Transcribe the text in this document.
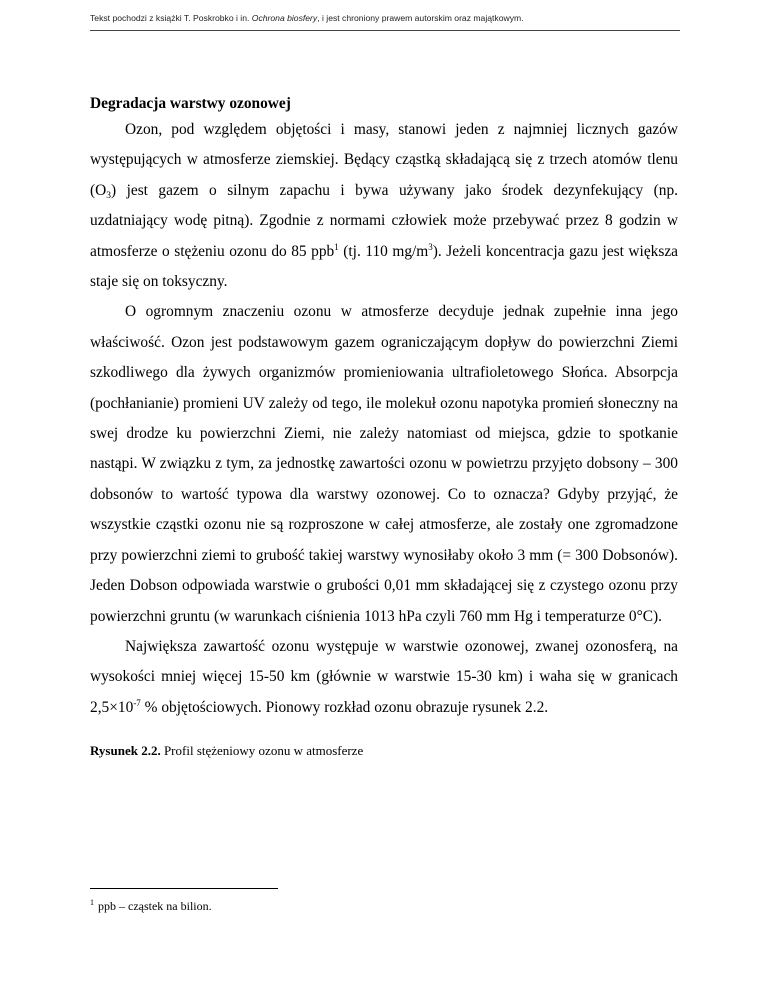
Tekst pochodzi z książki T. Poskrobko i in. Ochrona biosfery, i jest chroniony prawem autorskim oraz majątkowym.
Degradacja warstwy ozonowej

Ozon, pod względem objętości i masy, stanowi jeden z najmniej licznych gazów występujących w atmosferze ziemskiej. Będący cząstką składającą się z trzech atomów tlenu $(O_3)$ jest gazem o silnym zapachu i bywa używany jako środek dezynfekujący (np. uzdatniający wodę pitną). Zgodnie z normami człowiek może przebywać przez 8 godzin w atmosferze o stężeniu ozonu do 85 ppb$^1$ (tj. 110 $mg/m^3$). Jeżeli koncentracja gazu jest większa staje się on toksyczny.

O ogromnym znaczeniu ozonu w atmosferze decyduje jednak zupełnie inna jego właściwość. Ozon jest podstawowym gazem ograniczającym dopływ do powierzchni Ziemi szkodliwego dla żywych organizmów promieniowania ultrafioletowego Słońca. Absorpcja (pochłanianie) promieni UV zależy od tego, ile molekuł ozonu napotyka promień słoneczny na swej drodze ku powierzchni Ziemi, nie zależy natomiast od miejsca, gdzie to spotkanie nastąpi. W związku z tym, za jednostkę zawartości ozonu w powietrzu przyjęto dobsony – 300 dobsonów to wartość typowa dla warstwy ozonowej. Co to oznacza? Gdyby przyjąć, że wszystkie cząstki ozonu nie są rozproszone w całej atmosferze, ale zostały one zgromadzone przy powierzchni ziemi to grubość takiej warstwy wynosiłaby około 3 mm (= 300 Dobsonów). Jeden Dobson odpowiada warstwie o grubości 0,01 mm składającej się z czystego ozonu przy powierzchni gruntu (w warunkach ciśnienia 1013 hPa czyli 760 mm Hg i temperaturze 0°C).

Największa zawartość ozonu występuje w warstwie ozonowej, zwanej ozonosferą, na wysokości mniej więcej 15-50 km (głównie w warstwie 15-30 km) i waha się w granicach $2,5\times 10^{-7}$ % objętościowych. Pionowy rozkład ozonu obrazuje rysunek 2.2.

Rysunek 2.2. Profil stężeniowy ozonu w atmosferze
$^1$ ppb – cząstek na bilion.
